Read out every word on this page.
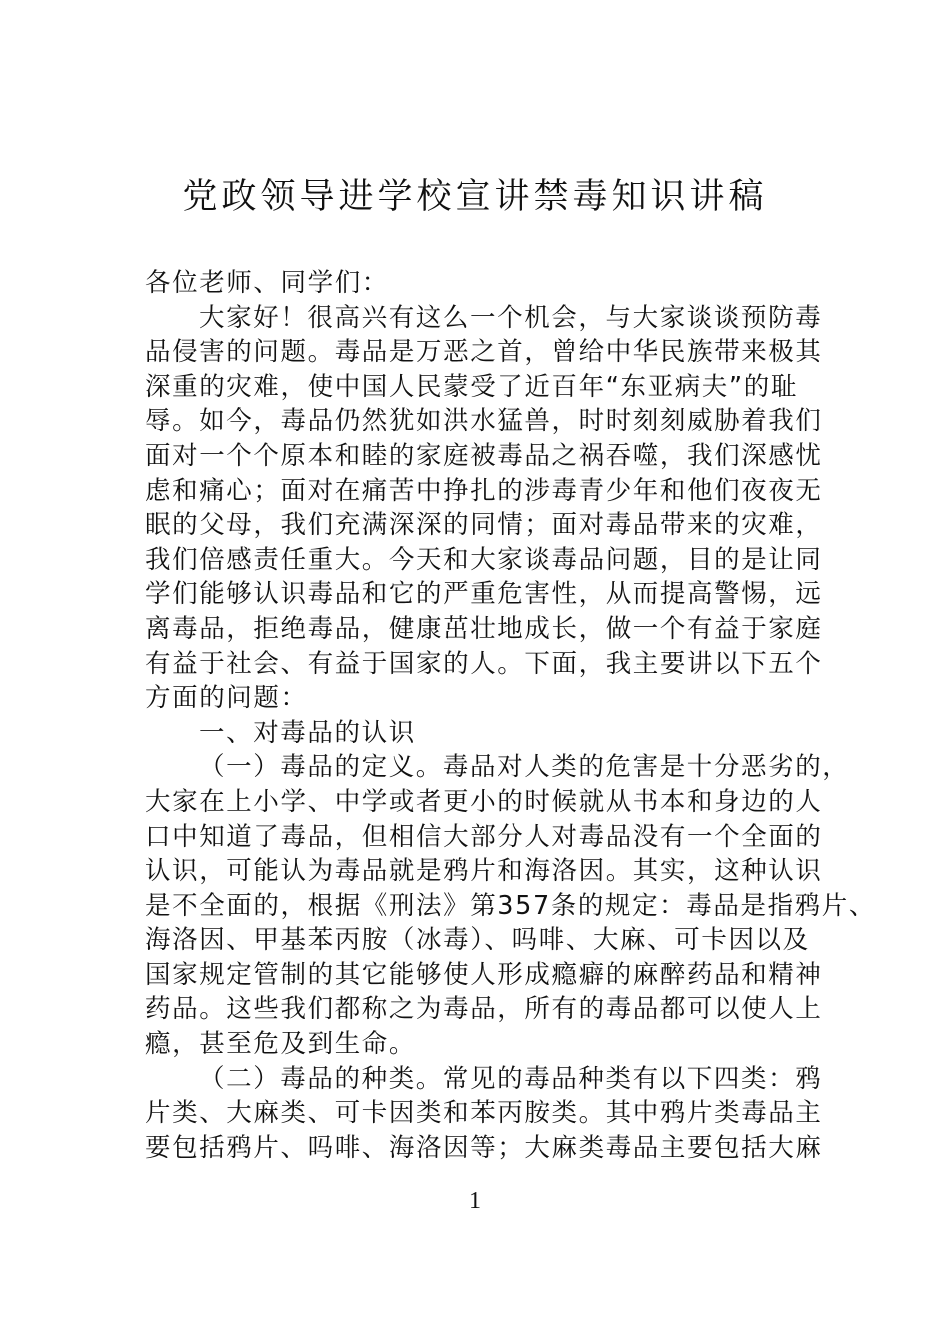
党政领导进学校宣讲禁毒知识讲稿
各位老师、同学们：
大家好！很高兴有这么一个机会，与大家谈谈预防毒
品侵害的问题。毒品是万恶之首，曾给中华民族带来极其
深重的灾难，使中国人民蒙受了近百年“东亚病夫”的耻
辱。如今，毒品仍然犹如洪水猛兽，时时刻刻威胁着我们
面对一个个原本和睦的家庭被毒品之祸吞噬，我们深感忧
虑和痛心；面对在痛苦中挣扎的涉毒青少年和他们夜夜无
眠的父母，我们充满深深的同情；面对毒品带来的灾难，
我们倍感责任重大。今天和大家谈毒品问题，目的是让同
学们能够认识毒品和它的严重危害性，从而提高警惕，远
离毒品，拒绝毒品，健康茁壮地成长，做一个有益于家庭
有益于社会、有益于国家的人。下面，我主要讲以下五个
方面的问题：
一、对毒品的认识
（一）毒品的定义。毒品对人类的危害是十分恶劣的，
大家在上小学、中学或者更小的时候就从书本和身边的人
口中知道了毒品，但相信大部分人对毒品没有一个全面的
认识，可能认为毒品就是鸦片和海洛因。其实，这种认识
是不全面的，根据《刑法》第357条的规定：毒品是指鸦片、
海洛因、甲基苯丙胺（冰毒）、吗啡、大麻、可卡因以及
国家规定管制的其它能够使人形成瘾癖的麻醉药品和精神
药品。这些我们都称之为毒品，所有的毒品都可以使人上
瘾，甚至危及到生命。
（二）毒品的种类。常见的毒品种类有以下四类：鸦
片类、大麻类、可卡因类和苯丙胺类。其中鸦片类毒品主
要包括鸦片、吗啡、海洛因等；大麻类毒品主要包括大麻
1
